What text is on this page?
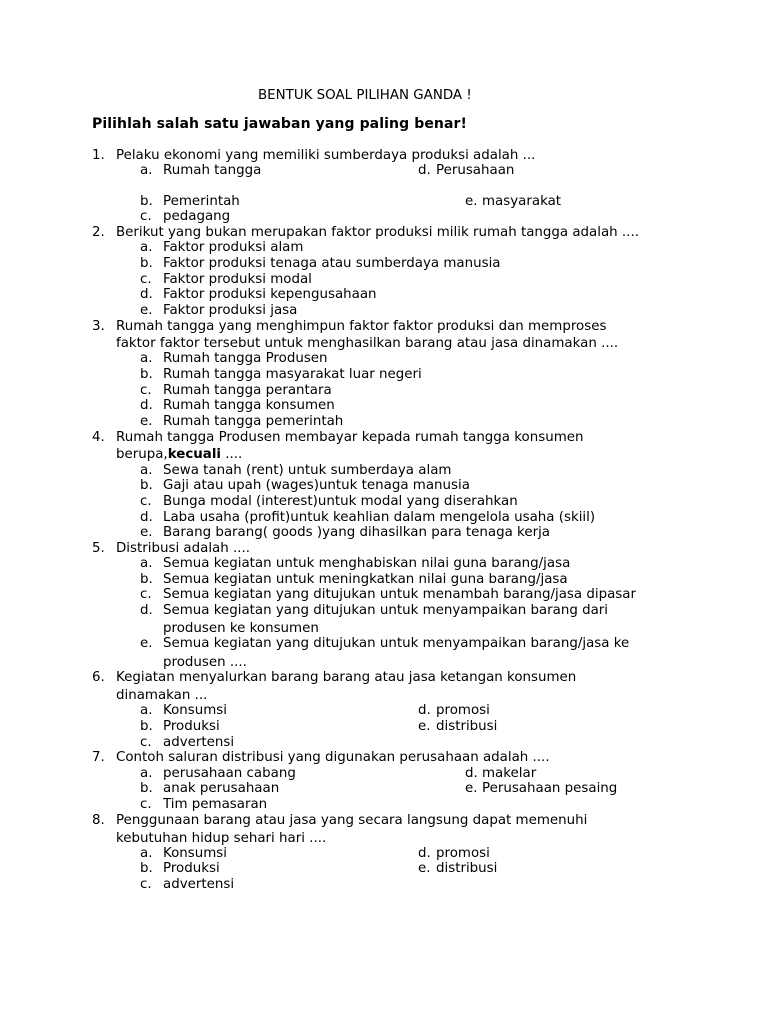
BENTUK SOAL PILIHAN GANDA !
Pilihlah salah satu jawaban yang paling benar!
1. Pelaku ekonomi yang memiliki sumberdaya produksi adalah ...
a. Rumah tangga	d. Perusahaan
b. Pemerintah	e. masyarakat
c. pedagang
2. Berikut yang bukan merupakan faktor produksi milik rumah tangga adalah ....
a. Faktor produksi alam
b. Faktor produksi tenaga atau sumberdaya manusia
c. Faktor produksi modal
d. Faktor produksi kepengusahaan
e. Faktor produksi jasa
3. Rumah tangga yang menghimpun faktor faktor produksi dan memproses
faktor faktor tersebut untuk menghasilkan barang atau jasa dinamakan ....
a. Rumah tangga Produsen
b. Rumah tangga masyarakat luar negeri
c. Rumah tangga perantara
d. Rumah tangga konsumen
e. Rumah tangga pemerintah
4. Rumah tangga Produsen membayar kepada rumah tangga konsumen
berupa,kecuali ....
a. Sewa tanah (rent) untuk sumberdaya alam
b. Gaji atau upah (wages)untuk tenaga manusia
c. Bunga modal (interest)untuk modal yang diserahkan
d. Laba usaha (profit)untuk keahlian dalam mengelola usaha (skiil)
e. Barang barang( goods )yang dihasilkan para tenaga kerja
5. Distribusi adalah ....
a. Semua kegiatan untuk menghabiskan nilai guna barang/jasa
b. Semua kegiatan untuk meningkatkan nilai guna barang/jasa
c. Semua kegiatan yang ditujukan untuk menambah barang/jasa dipasar
d. Semua kegiatan yang ditujukan untuk menyampaikan barang dari
produsen ke konsumen
e. Semua kegiatan yang ditujukan untuk menyampaikan barang/jasa ke
produsen ....
6. Kegiatan menyalurkan barang barang atau jasa ketangan konsumen
dinamakan ...
a. Konsumsi	d. promosi
b. Produksi	e. distribusi
c. advertensi
7. Contoh saluran distribusi yang digunakan perusahaan adalah ....
a. perusahaan cabang	d. makelar
b. anak perusahaan	e. Perusahaan pesaing
c. Tim pemasaran
8. Penggunaan barang atau jasa yang secara langsung dapat memenuhi
kebutuhan hidup sehari hari ....
a. Konsumsi	d. promosi
b. Produksi	e. distribusi
c. advertensi
